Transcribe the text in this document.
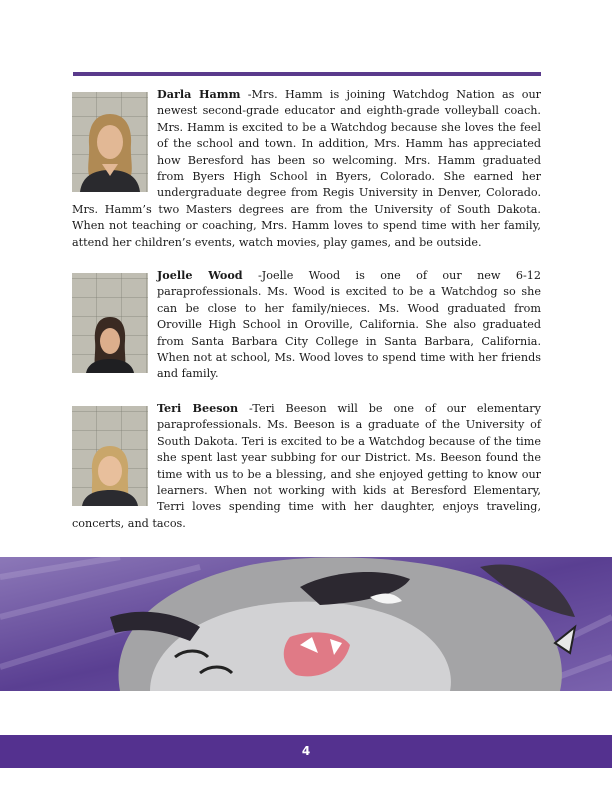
Darla Hamm -Mrs. Hamm is joining Watchdog Nation as our newest second-grade educator and eighth-grade volleyball coach. Mrs. Hamm is excited to be a Watchdog because she loves the feel of the school and town. In addition, Mrs. Hamm has appreciated how Beresford has been so welcoming. Mrs. Hamm graduated from Byers High School in Byers, Colorado. She earned her undergraduate degree from Regis University in Denver, Colorado. Mrs. Hamm’s two Masters degrees are from the University of South Dakota. When not teaching or coaching, Mrs. Hamm loves to spend time with her family, attend her children’s events, watch movies, play games, and be outside.
Joelle Wood -Joelle Wood is one of our new 6-12 paraprofessionals. Ms. Wood is excited to be a Watchdog so she can be close to her family/nieces. Ms. Wood graduated from Oroville High School in Oroville, California. She also graduated from Santa Barbara City College in Santa Barbara, California. When not at school, Ms. Wood loves to spend time with her friends and family.
Teri Beeson -Teri Beeson will be one of our elementary paraprofessionals. Ms. Beeson is a graduate of the University of South Dakota. Teri is excited to be a Watchdog because of the time she spent last year subbing for our District. Ms. Beeson found the time with us to be a blessing, and she enjoyed getting to know our learners. When not working with kids at Beresford Elementary, Terri loves spending time with her daughter, enjoys traveling, concerts, and tacos.
4
